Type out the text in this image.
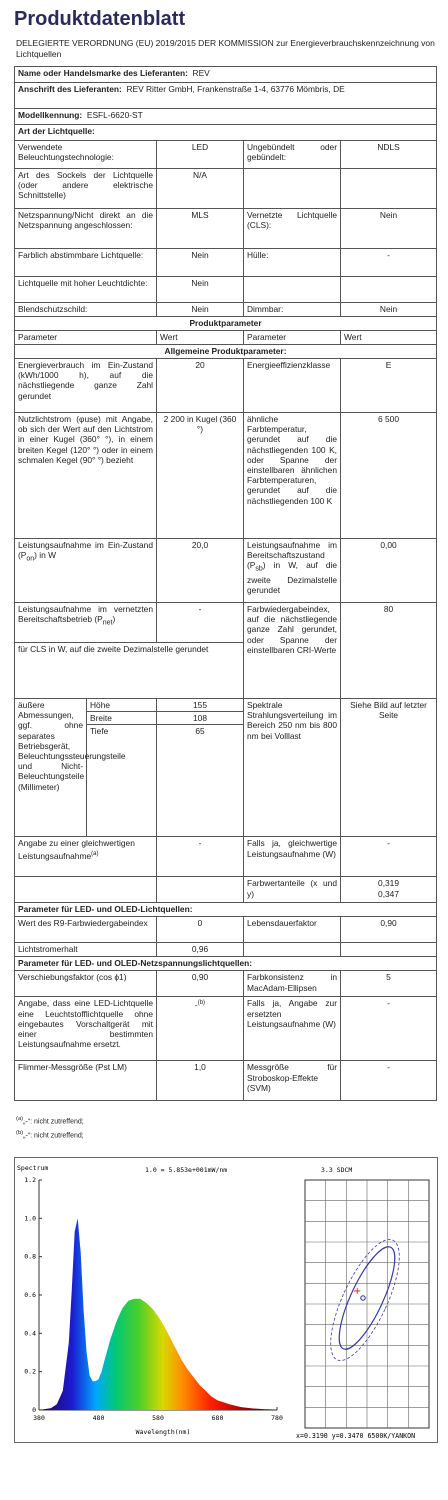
Produktdatenblatt
DELEGIERTE VERORDNUNG (EU) 2019/2015 DER KOMMISSION zur Energieverbrauchskennzeichnung von Lichtquellen
Name oder Handelsmarke des Lieferanten: REV				
Anschrift des Lieferanten: REV Ritter GmbH, Frankenstraße 1-4, 63776 Mömbris, DE				
Modellkennung: ESFL-6620-ST				
Art der Lichtquelle:				
Verwendete Beleuchtungstechnologie:		LED	Ungebündelt oder gebündelt:	NDLS
Art des Sockels der Lichtquelle (oder andere elektrische Schnittstelle)		N/A		
Netzspannung/Nicht direkt an die Netzspannung angeschlossen:		MLS	Vernetzte Lichtquelle (CLS):	Nein
Farblich abstimmbare Lichtquelle:		Nein	Hülle:	-
Lichtquelle mit hoher Leuchtdichte:		Nein		
Blendschutzschild:		Nein	Dimmbar:	Nein
Produktparameter				
Parameter		Wert	Parameter	Wert
Allgemeine Produktparameter:				
Energieverbrauch im Ein-Zustand (kWh/1000 h), auf die nächstliegende ganze Zahl gerundet		20	Energieeffizienzklasse	E
Nutzlichtstrom (φuse) mit Angabe, ob sich der Wert auf den Lichtstrom in einer Kugel (360° °), in einem breiten Kegel (120° °) oder in einem schmalen Kegel (90° °) bezieht		2 200 in Kugel (360 °)	ähnliche Farbtemperatur, gerundet auf die nächstliegenden 100 K, oder Spanne der einstellbaren ähnlichen Farbtemperaturen, gerundet auf die nächstliegenden 100 K	6 500
Leistungsaufnahme im Ein-Zustand $(P_{on})$ in W		20,0	Leistungsaufnahme im Bereitschaftszustand $(P_{sb})$ in W, auf die zweite Dezimalstelle gerundet	0,00
Leistungsaufnahme im vernetzten Bereitschaftsbetrieb $(P_{net})$		-	Farbwiedergabeindex, auf die nächstliegende ganze Zahl gerundet, oder Spanne der einstellbaren CRI-Werte	80
für CLS in W, auf die zweite Dezimalstelle gerundet				
äußere Abmessungen, ggf. ohne separates Betriebsgerät, Beleuchtungssteuerungsteile und Nicht-Beleuchtungsteile (Millimeter)	Höhe	155	Spektrale Strahlungsverteilung im Bereich 250 nm bis 800 nm bei Volllast	Siehe Bild auf letzter Seite
	Breite	108		
	Tiefe	65		
Angabe zu einer gleichwertigen Leistungsaufnahme$^{(a)}$		-	Falls ja, gleichwertige Leistungsaufnahme (W)	-
			Farbwertanteile (x und y)	0,319
0,347

Parameter für LED- und OLED-Lichtquellen:				
Wert des R9-Farbwiedergabeindex		0	Lebensdauerfaktor	0,90
Lichtstromerhalt		0,96		
Parameter für LED- und OLED-Netzspannungslichtquellen:				
Verschiebungsfaktor (cos ϕ1)		0,90	Farbkonsistenz in MacAdam-Ellipsen	5
Angabe, dass eine LED-Lichtquelle eine Leuchtstofflichtquelle ohne eingebautes Vorschaltgerät mit einer bestimmten Leistungsaufnahme ersetzt.		-$^{(b)}$	Falls ja, Angabe zur ersetzten Leistungsaufnahme (W)	-
Flimmer-Messgröße (Pst LM)		1,0	Messgröße für Stroboskop-Effekte (SVM)	-
$^{(a)}$„-“: nicht zutreffend;
$^{(b)}$„-“: nicht zutreffend;
Spectrum	1.0 = 5.853e+001mW/nm
Wavelength(nm)
0
0.2
0.4
0.6
0.8
1.0
1.2
380	480	580	680	780
3.3 SDCM
+
x=0.3190 y=0.3470 6500K/YANKON
